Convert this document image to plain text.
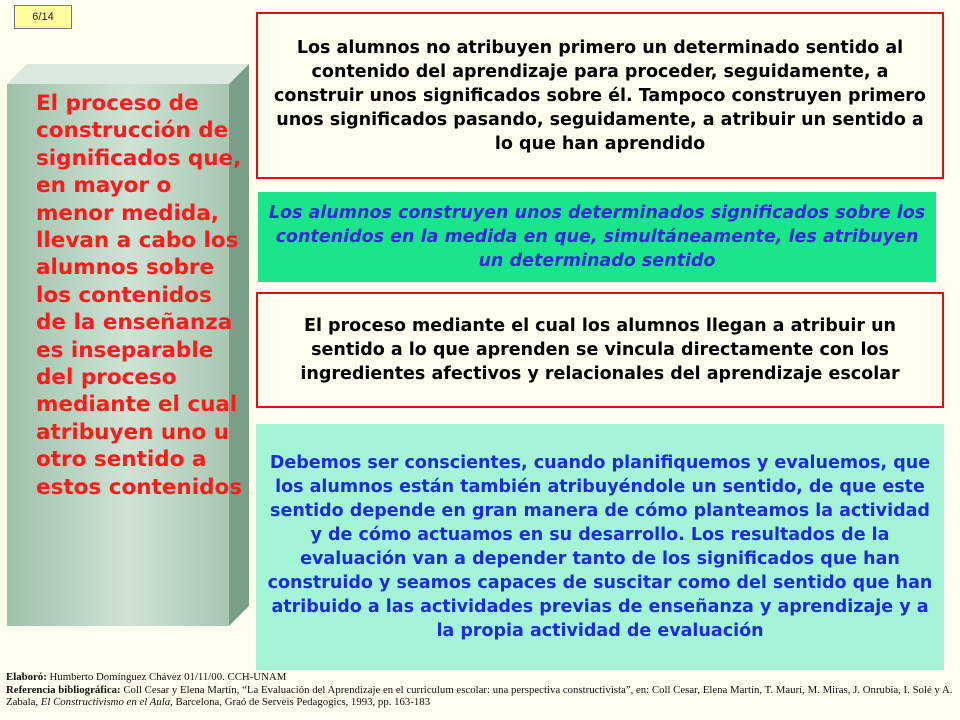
6/14
El proceso de construcción de significados que, en mayor o menor medida, llevan a cabo los alumnos sobre los contenidos de la enseñanza es inseparable del proceso mediante el cual atribuyen uno u otro sentido a estos contenidos
Los alumnos no atribuyen primero un determinado sentido al contenido del aprendizaje para proceder, seguidamente, a construir unos significados sobre él. Tampoco construyen primero unos significados pasando, seguidamente, a atribuir un sentido a lo que han aprendido
Los alumnos construyen unos determinados significados sobre los contenidos en la medida en que, simultáneamente, les atribuyen un determinado sentido
El proceso mediante el cual los alumnos llegan a atribuir un sentido a lo que aprenden se vincula directamente con los ingredientes afectivos y relacionales del aprendizaje escolar
Debemos ser conscientes, cuando planifiquemos y evaluemos, que los alumnos están también atribuyéndole un sentido, de que este sentido depende en gran manera de cómo planteamos la actividad y de cómo actuamos en su desarrollo. Los resultados de la evaluación van a depender tanto de los significados que han construido y seamos capaces de suscitar como del sentido que han atribuido a las actividades previas de enseñanza y aprendizaje y a la propia actividad de evaluación
Elaboró: Humberto Domínguez Chávez 01/11/00. CCH-UNAM
Referencia bibliográfica: Coll Cesar y Elena Martín, “La Evaluación del Aprendizaje en el curriculum escolar: una perspectiva constructivista”, en: Coll Cesar, Elena Martín, T. Maurí, M. Miras, J. Onrubia, I. Solé y A. Zabala, El Constructivismo en el Aula, Barcelona, Graó de Serveis Pedagogics, 1993, pp. 163-183
